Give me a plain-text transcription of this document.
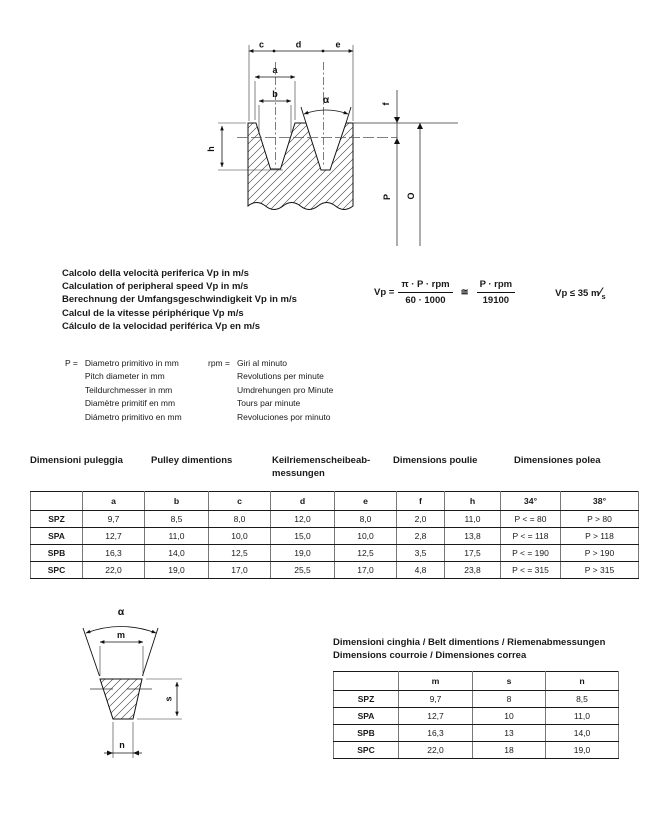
c	d	e
a
b	α
h
f
P O
Calcolo della velocità periferica Vp in m/s
Calculation of peripheral speed Vp in m/s
Berechnung der Umfangsgeschwindigkeit Vp in m/s
Calcul de la vitesse périphérique Vp m/s
Cálculo de la velocidad periférica Vp en m/s
$Vp = \frac{\text{π · P · rpm}}{60 \cdot 1000}$ ≅ $\frac{\text{P · rpm}}{19100}$	Vp ≤ 35 $m⁄_s$
P = Diametro primitivo in mm
Pitch diameter in mm
Teildurchmesser in mm
Diamètre primitif en mm
Diámetro primitivo en mm
rpm = Giri al minuto
Revolutions per minute
Umdrehungen pro Minute
Tours par minute
Revoluciones por minuto
Dimensioni puleggia	Pulley dimentions	Keilriemenscheibeab- messungen
Dimensions poulie	Dimensiones polea
	a	b	c	d	e	f	h	34°	38°
SPZ	9,7	8,5	8,0	12,0	8,0	2,0	11,0	P < = 80	P > 80
SPA	12,7	11,0	10,0	15,0	10,0	2,8	13,8	P < = 118	P > 118
SPB	16,3	14,0	12,5	19,0	12,5	3,5	17,5	P < = 190	P > 190
SPC	22,0	19,0	17,0	25,5	17,0	4,8	23,8	P < = 315	P > 315
α
m
s
n
Dimensioni cinghia / Belt dimentions / Riemenabmessungen
Dimensions courroie / Dimensiones correa
	m	s	n
SPZ	9,7	8	8,5
SPA	12,7	10	11,0
SPB	16,3	13	14,0
SPC	22,0	18	19,0
